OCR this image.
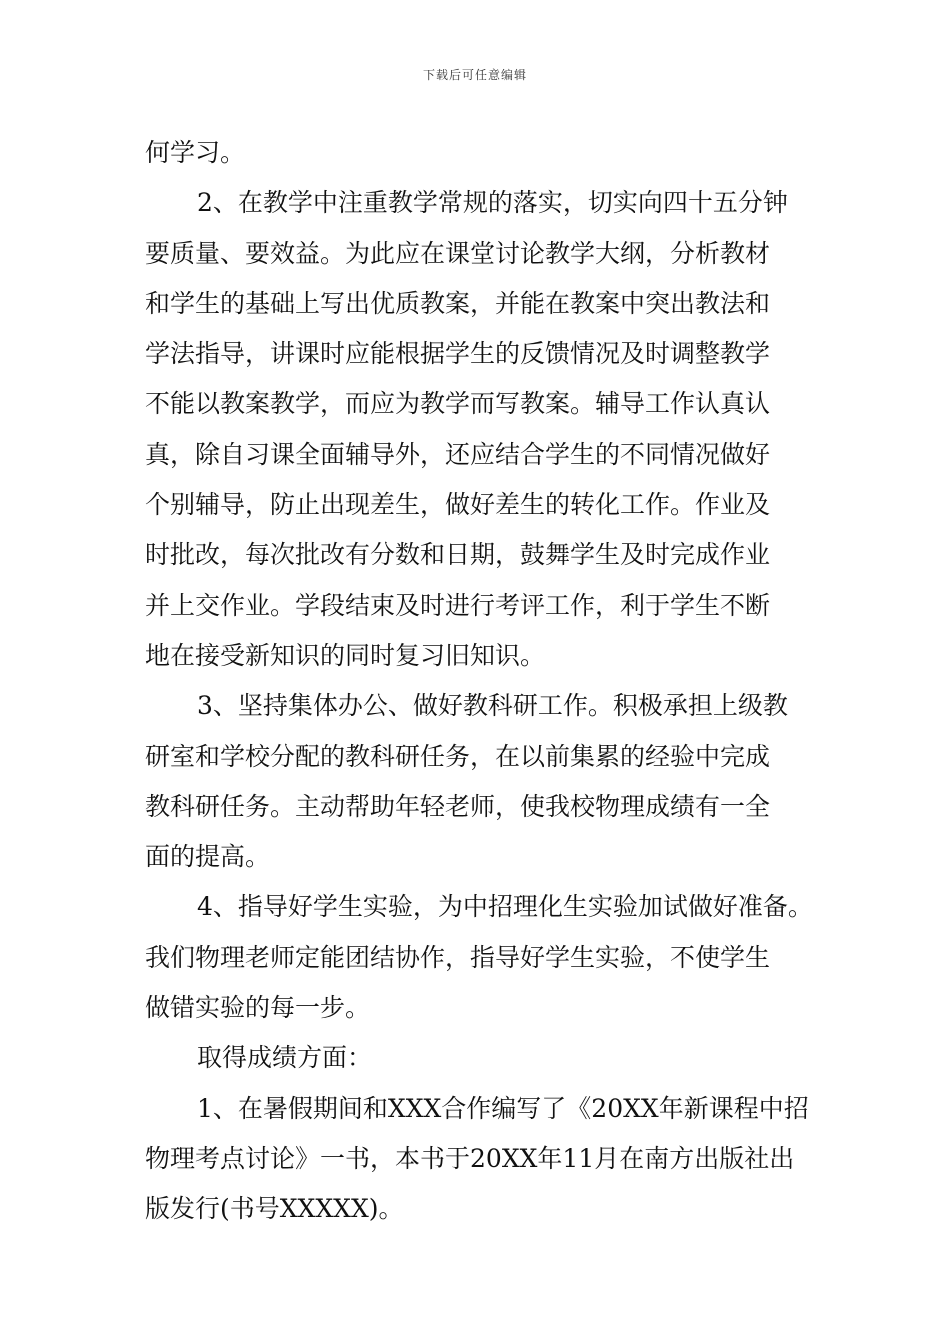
下载后可任意编辑
何学习。
2、在教学中注重教学常规的落实，切实向四十五分钟
要质量、要效益。为此应在课堂讨论教学大纲，分析教材
和学生的基础上写出优质教案，并能在教案中突出教法和
学法指导，讲课时应能根据学生的反馈情况及时调整教学
不能以教案教学，而应为教学而写教案。辅导工作认真认
真，除自习课全面辅导外，还应结合学生的不同情况做好
个别辅导，防止出现差生，做好差生的转化工作。作业及
时批改，每次批改有分数和日期，鼓舞学生及时完成作业
并上交作业。学段结束及时进行考评工作，利于学生不断
地在接受新知识的同时复习旧知识。
3、坚持集体办公、做好教科研工作。积极承担上级教
研室和学校分配的教科研任务，在以前集累的经验中完成
教科研任务。主动帮助年轻老师，使我校物理成绩有一全
面的提高。
4、指导好学生实验，为中招理化生实验加试做好准备。
我们物理老师定能团结协作，指导好学生实验，不使学生
做错实验的每一步。
取得成绩方面：
1、在暑假期间和XXX合作编写了《20XX年新课程中招
物理考点讨论》一书，本书于20XX年11月在南方出版社出
版发行(书号XXXXX)。
